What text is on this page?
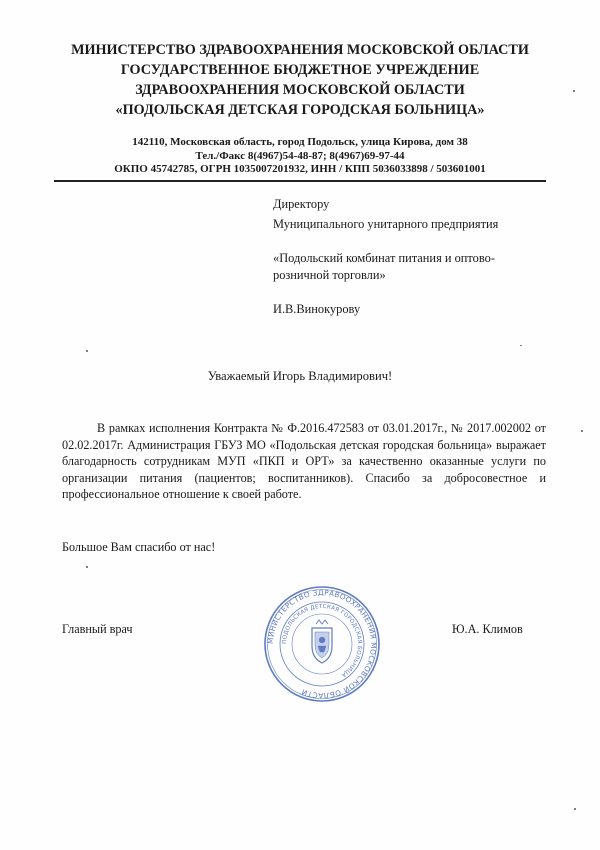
МИНИСТЕРСТВО ЗДРАВООХРАНЕНИЯ МОСКОВСКОЙ ОБЛАСТИ
ГОСУДАРСТВЕННОЕ БЮДЖЕТНОЕ УЧРЕЖДЕНИЕ
ЗДРАВООХРАНЕНИЯ МОСКОВСКОЙ ОБЛАСТИ
«ПОДОЛЬСКАЯ ДЕТСКАЯ ГОРОДСКАЯ БОЛЬНИЦА»
142110, Московская область, город Подольск, улица Кирова, дом 38
Тел./Факс 8(4967)54-48-87; 8(4967)69-97-44
ОКПО 45742785, ОГРН 1035007201932, ИНН / КПП 5036033898 / 503601001
Директору
Муниципального унитарного предприятия
«Подольский комбинат питания и оптово-
розничной торговли»
И.В.Винокурову
Уважаемый Игорь Владимирович!
В рамках исполнения Контракта № Ф.2016.472583 от 03.01.2017г., № 2017.002002 от 02.02.2017г. Администрация ГБУЗ МО «Подольская детская городская больница» выражает благодарность сотрудникам МУП «ПКП и ОРТ» за качественно оказанные услуги по организации питания (пациентов; воспитанников). Спасибо за добросовестное и профессиональное отношение к своей работе.
Большое Вам спасибо от нас!
Главный врач	Ю.А. Климов
МИНИСТЕРСТВО ЗДРАВООХРАНЕНИЯ МОСКОВСКОЙ ОБЛАСТИ
ПОДОЛЬСКАЯ ДЕТСКАЯ ГОРОДСКАЯ БОЛЬНИЦА
